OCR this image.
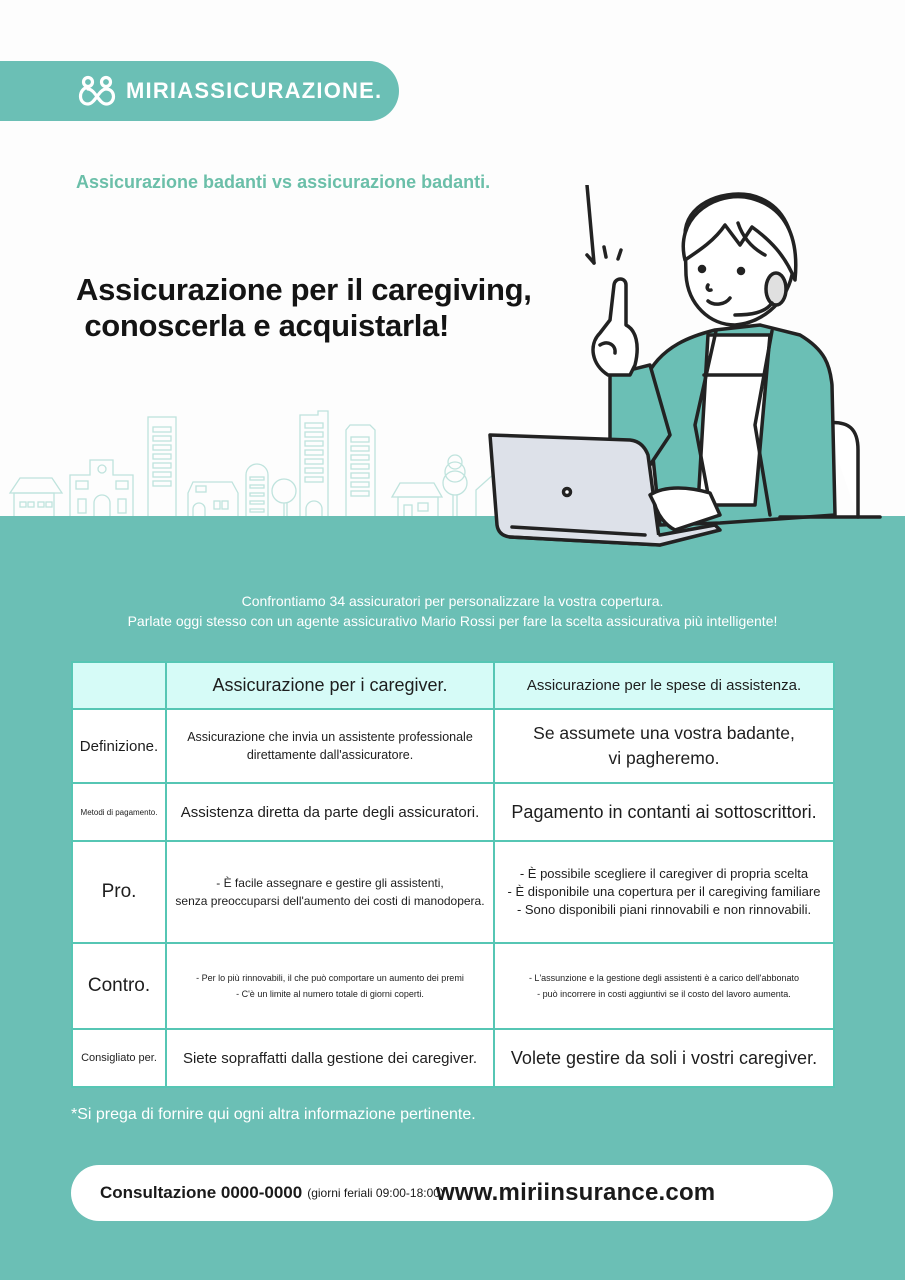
MIRIASSICURAZIONE.
Assicurazione badanti vs assicurazione badanti.
Assicurazione per il caregiving,
conoscerla e acquistarla!
Confrontiamo 34 assicuratori per personalizzare la vostra copertura.
Parlate oggi stesso con un agente assicurativo Mario Rossi per fare la scelta assicurativa più intelligente!
	Assicurazione per i caregiver.	Assicurazione per le spese di assistenza.
Definizione.	Assicurazione che invia un assistente professionale
direttamente dall'assicuratore.	Se assumete una vostra badante,
vi pagheremo.

Metodi di pagamento.	Assistenza diretta da parte degli assicuratori.	Pagamento in contanti ai sottoscrittori.

Pro.	- È facile assegnare e gestire gli assistenti,
senza preoccuparsi dell'aumento dei costi di manodopera.	- È possibile scegliere il caregiver di propria scelta
- È disponibile una copertura per il caregiving familiare
- Sono disponibili piani rinnovabili e non rinnovabili.

Contro.	- Per lo più rinnovabili, il che può comportare un aumento dei premi
- C'è un limite al numero totale di giorni coperti.	- L'assunzione e la gestione degli assistenti è a carico dell'abbonato
- può incorrere in costi aggiuntivi se il costo del lavoro aumenta.

Consigliato per.	Siete sopraffatti dalla gestione dei caregiver.	Volete gestire da soli i vostri caregiver.
*Si prega di fornire qui ogni altra informazione pertinente.
Consultazione 0000-0000 (giorni feriali 09:00-18:00)
www.miriinsurance.com
